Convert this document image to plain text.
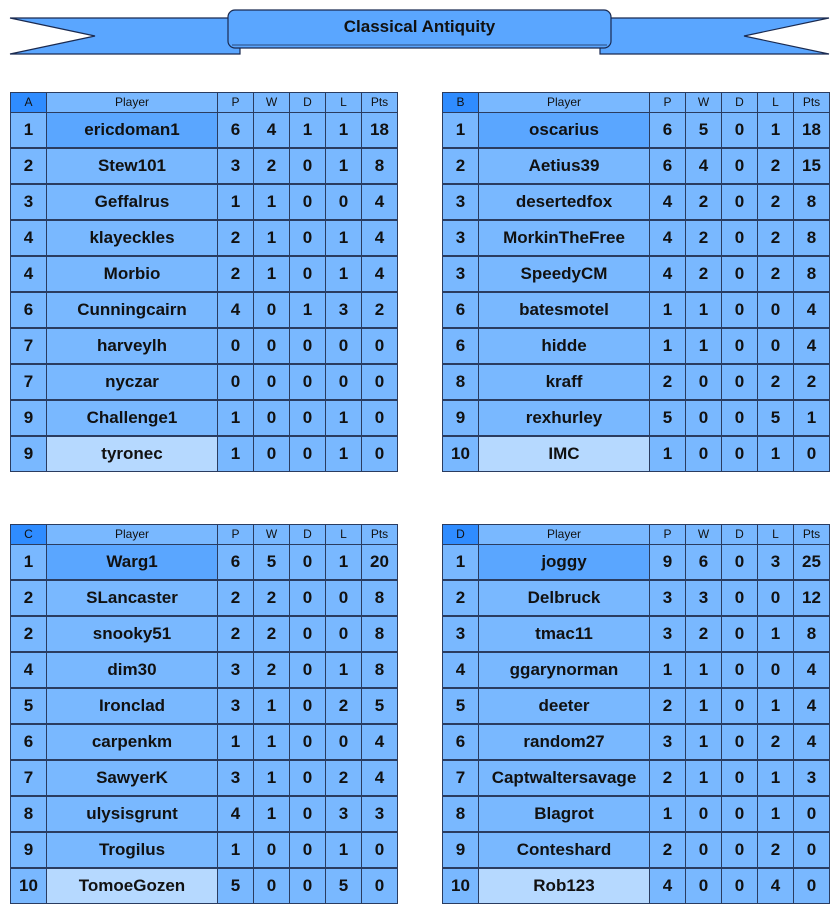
Classical Antiquity
A	Player	P	W	D	L	Pts
1	ericdoman1	6	4	1	1	18
2	Stew101	3	2	0	1	8
3	Geffalrus	1	1	0	0	4
4	klayeckles	2	1	0	1	4
4	Morbio	2	1	0	1	4
6	Cunningcairn	4	0	1	3	2
7	harveylh	0	0	0	0	0
7	nyczar	0	0	0	0	0
9	Challenge1	1	0	0	1	0
9	tyronec	1	0	0	1	0
B	Player	P	W	D	L	Pts
1	oscarius	6	5	0	1	18
2	Aetius39	6	4	0	2	15
3	desertedfox	4	2	0	2	8
3	MorkinTheFree	4	2	0	2	8
3	SpeedyCM	4	2	0	2	8
6	batesmotel	1	1	0	0	4
6	hidde	1	1	0	0	4
8	kraff	2	0	0	2	2
9	rexhurley	5	0	0	5	1
10	IMC	1	0	0	1	0
C	Player	P	W	D	L	Pts
1	Warg1	6	5	0	1	20
2	SLancaster	2	2	0	0	8
2	snooky51	2	2	0	0	8
4	dim30	3	2	0	1	8
5	Ironclad	3	1	0	2	5
6	carpenkm	1	1	0	0	4
7	SawyerK	3	1	0	2	4
8	ulysisgrunt	4	1	0	3	3
9	Trogilus	1	0	0	1	0
10	TomoeGozen	5	0	0	5	0
D	Player	P	W	D	L	Pts
1	joggy	9	6	0	3	25
2	Delbruck	3	3	0	0	12
3	tmac11	3	2	0	1	8
4	ggarynorman	1	1	0	0	4
5	deeter	2	1	0	1	4
6	random27	3	1	0	2	4
7	Captwaltersavage	2	1	0	1	3
8	Blagrot	1	0	0	1	0
9	Conteshard	2	0	0	2	0
10	Rob123	4	0	0	4	0
